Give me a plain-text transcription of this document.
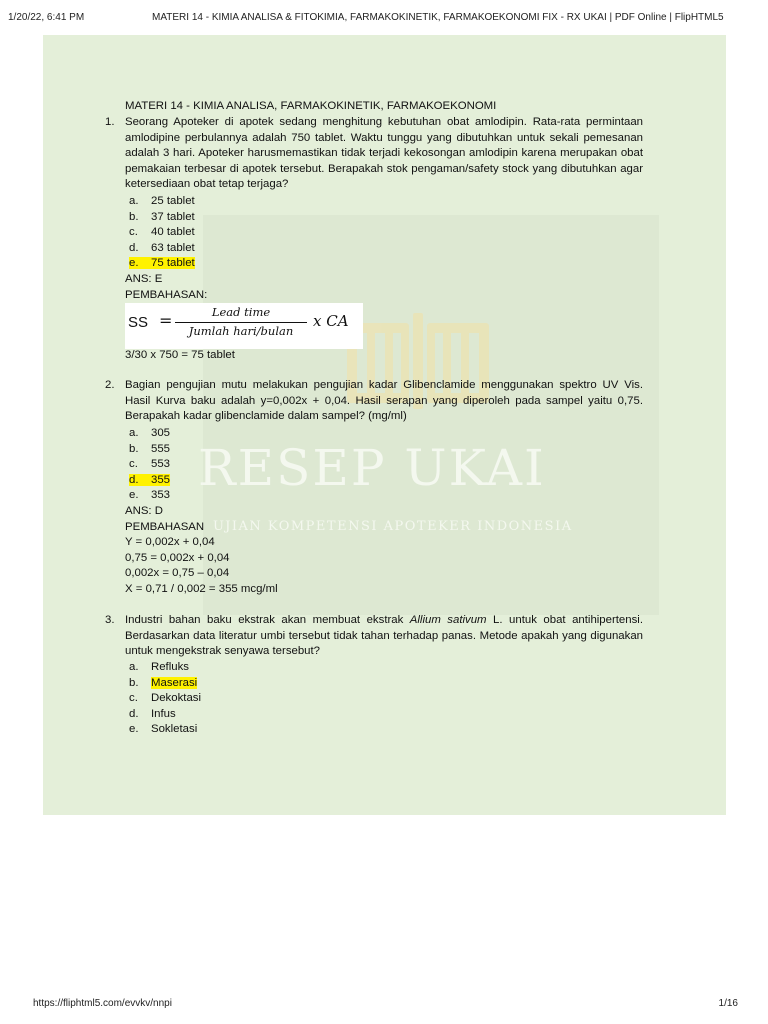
1/20/22, 6:41 PM	MATERI 14 - KIMIA ANALISA & FITOKIMIA, FARMAKOKINETIK, FARMAKOEKONOMI FIX - RX UKAI | PDF Online | FlipHTML5
RESEP UKAI
UJIAN KOMPETENSI APOTEKER INDONESIA
MATERI 14 - KIMIA ANALISA, FARMAKOKINETIK, FARMAKOEKONOMI
1. Seorang Apoteker di apotek sedang menghitung kebutuhan obat amlodipin. Rata-rata permintaan amlodipine perbulannya adalah 750 tablet. Waktu tunggu yang dibutuhkan untuk sekali pemesanan adalah 3 hari. Apoteker harusmemastikan tidak terjadi kekosongan amlodipin karena merupakan obat pemakaian terbesar di apotek tersebut. Berapakah stok pengaman/safety stock yang dibutuhkan agar ketersediaan obat tetap terjaga?
a. 25 tablet
b. 37 tablet
c. 40 tablet
d. 63 tablet
e. 75 tablet
ANS: E
PEMBAHASAN:
SS =	Lead time
Jumlah hari/bulan
x CA
3/30 x 750 = 75 tablet
2. Bagian pengujian mutu melakukan pengujian kadar Glibenclamide menggunakan spektro UV Vis. Hasil Kurva baku adalah y=0,002x + 0,04. Hasil serapan yang diperoleh pada sampel yaitu 0,75. Berapakah kadar glibenclamide dalam sampel? (mg/ml)
a. 305
b. 555
c. 553
d. 355
e. 353
ANS: D
PEMBAHASAN
Y = 0,002x + 0,04
0,75 = 0,002x + 0,04
0,002x = 0,75 – 0,04
X = 0,71 / 0,002 = 355 mcg/ml
3. Industri bahan baku ekstrak akan membuat ekstrak Allium sativum L. untuk obat antihipertensi. Berdasarkan data literatur umbi tersebut tidak tahan terhadap panas. Metode apakah yang digunakan untuk mengekstrak senyawa tersebut?
a. Refluks
b. Maserasi
c. Dekoktasi
d. Infus
e. Sokletasi
https://fliphtml5.com/evvkv/nnpi	1/16
